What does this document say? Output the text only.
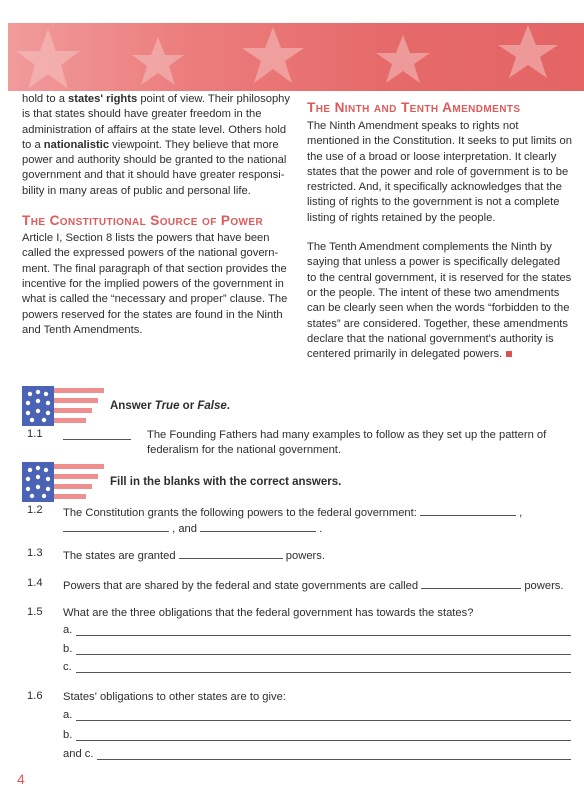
hold to a states' rights point of view. Their philosophy is that states should have greater freedom in the administration of affairs at the state level. Others hold to a nationalistic viewpoint. They believe that more power and authority should be granted to the national government and that it should have greater responsibility in many areas of public and personal life.

The Constitutional Source of Power

Article I, Section 8 lists the powers that have been called the expressed powers of the national government. The final paragraph of that section provides the incentive for the implied powers of the government in what is called the “necessary and proper” clause. The powers reserved for the states are found in the Ninth and Tenth Amendments.

The Ninth and Tenth Amendments

The Ninth Amendment speaks to rights not mentioned in the Constitution. It seeks to put limits on the use of a broad or loose interpretation. It clearly states that the power and role of government is to be restricted. And, it specifically acknowledges that the listing of rights to the government is not a complete listing of rights retained by the people.

The Tenth Amendment complements the Ninth by saying that unless a power is specifically delegated to the central government, it is reserved for the states or the people. The intent of these two amendments can be clearly seen when the words “forbidden to the states” are considered. Together, these amendments declare that the national government's authority is centered primarily in delegated powers.

Answer True or False.
1.1	The Founding Fathers had many examples to follow as they set up the pattern of federalism for the national government.
Fill in the blanks with the correct answers.
1.2 The Constitution grants the following powers to the federal government:	,
, and	.
1.3 The states are granted	powers.
1.4 Powers that are shared by the federal and state governments are called	powers.
1.5 What are the three obligations that the federal government has towards the states?
a.
b.
c.
1.6 States' obligations to other states are to give:
a.
b.
and c.
4
